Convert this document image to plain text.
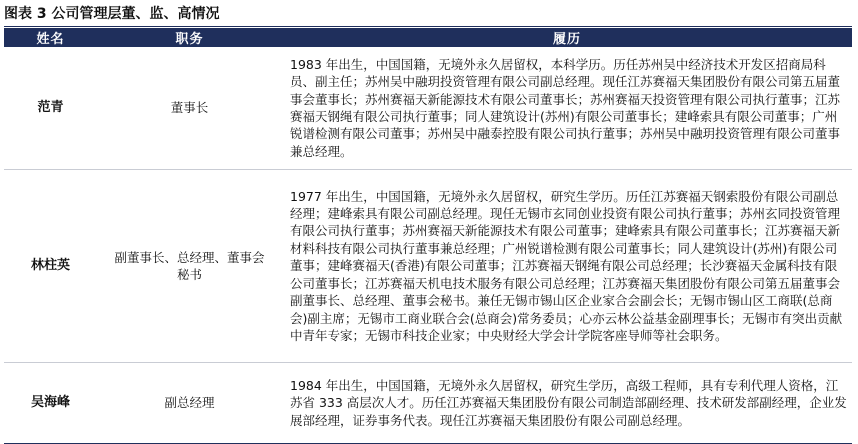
图表 3 公司管理层董、监、高情况
姓名	职务	履历
范青	董事长	1983 年出生，中国国籍，无境外永久居留权，本科学历。历任苏州吴中经济技术开发区招商局科员、副主任；苏州吴中融玥投资管理有限公司副总经理。现任江苏赛福天集团股份有限公司第五届董事会董事长；苏州赛福天新能源技术有限公司董事长；苏州赛福天投资管理有限公司执行董事；江苏赛福天钢绳有限公司执行董事；同人建筑设计(苏州)有限公司董事长；建峰索具有限公司董事；广州锐谱检测有限公司董事；苏州吴中融泰控股有限公司执行董事；苏州吴中融玥投资管理有限公司董事兼总经理。
林柱英	副董事长、总经理、董事会秘书	1977 年出生，中国国籍，无境外永久居留权，研究生学历。历任江苏赛福天钢索股份有限公司副总经理；建峰索具有限公司副总经理。现任无锡市玄同创业投资有限公司执行董事；苏州玄同投资管理有限公司执行董事；苏州赛福天新能源技术有限公司董事；建峰索具有限公司董事长；江苏赛福天新材料科技有限公司执行董事兼总经理；广州锐谱检测有限公司董事长；同人建筑设计(苏州)有限公司董事；建峰赛福天(香港)有限公司董事；江苏赛福天钢绳有限公司总经理；长沙赛福天金属科技有限公司董事长；江苏赛福天机电技术服务有限公司总经理；江苏赛福天集团股份有限公司第五届董事会副董事长、总经理、董事会秘书。兼任无锡市锡山区企业家合会副会长；无锡市锡山区工商联(总商会)副主席；无锡市工商业联合会(总商会)常务委员；心亦云林公益基金副理事长；无锡市有突出贡献中青年专家；无锡市科技企业家；中央财经大学会计学院客座导师等社会职务。
吴海峰	副总经理	1984 年出生，中国国籍，无境外永久居留权，研究生学历，高级工程师，具有专利代理人资格，江苏省 333 高层次人才。历任江苏赛福天集团股份有限公司制造部副经理、技术研发部副经理，企业发展部经理，证券事务代表。现任江苏赛福天集团股份有限公司副总经理。
